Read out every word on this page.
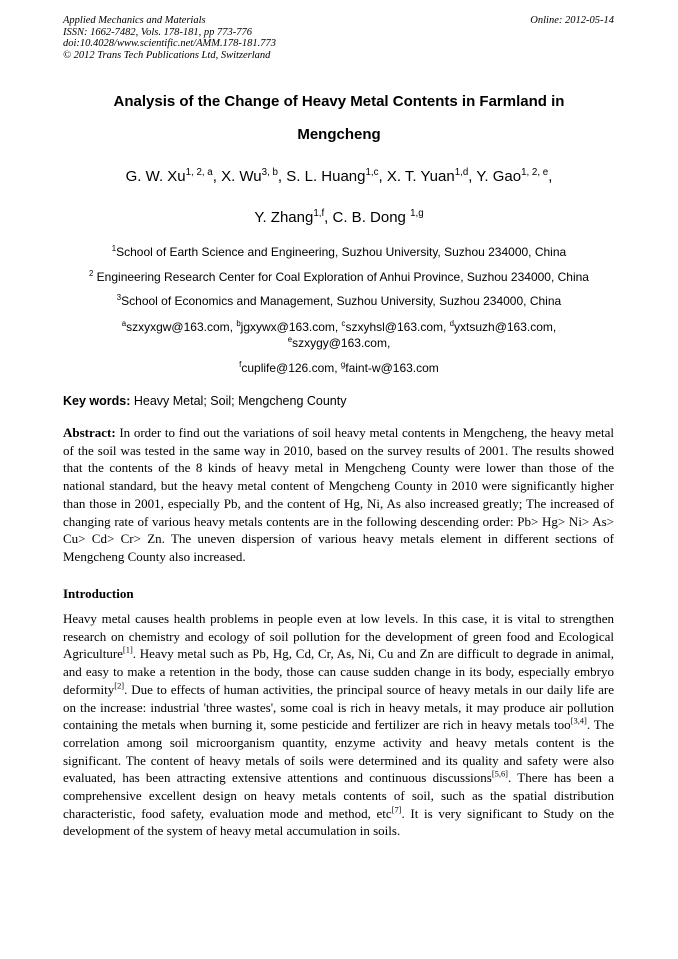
Applied Mechanics and Materials
ISSN: 1662-7482, Vols. 178-181, pp 773-776
doi:10.4028/www.scientific.net/AMM.178-181.773
© 2012 Trans Tech Publications Ltd, Switzerland
Online: 2012-05-14
Analysis of the Change of Heavy Metal Contents in Farmland in
Mengcheng
G. W. Xu$^{1, 2, a}$, X. Wu$^{3, b}$, S. L. Huang$^{1,c}$, X. T. Yuan$^{1,d}$, Y. Gao$^{1, 2, e}$,
Y. Zhang$^{1,f}$, C. B. Dong $^{1,g}$
$^1$School of Earth Science and Engineering, Suzhou University, Suzhou 234000, China
$^2$ Engineering Research Center for Coal Exploration of Anhui Province, Suzhou 234000, China
$^3$School of Economics and Management, Suzhou University, Suzhou 234000, China
$^a$szxyxgw@163.com, $^b$jgxywx@163.com, $^c$szxyhsl@163.com, $^d$yxtsuzh@163.com,
$^e$szxygy@163.com,
$^f$cuplife@126.com, $^g$faint-w@163.com
Key words: Heavy Metal; Soil; Mengcheng County

Abstract: In order to find out the variations of soil heavy metal contents in Mengcheng, the heavy metal of the soil was tested in the same way in 2010, based on the survey results of 2001. The results showed that the contents of the 8 kinds of heavy metal in Mengcheng County were lower than those of the national standard, but the heavy metal content of Mengcheng County in 2010 were significantly higher than those in 2001, especially Pb, and the content of Hg, Ni, As also increased greatly; The increased of changing rate of various heavy metals contents are in the following descending order: Pb> Hg> Ni> As> Cu> Cd> Cr> Zn. The uneven dispersion of various heavy metals element in different sections of Mengcheng County also increased.

Introduction

Heavy metal causes health problems in people even at low levels. In this case, it is vital to strengthen research on chemistry and ecology of soil pollution for the development of green food and Ecological Agriculture[1]. Heavy metal such as Pb, Hg, Cd, Cr, As, Ni, Cu and Zn are difficult to degrade in animal, and easy to make a retention in the body, those can cause sudden change in its body, especially embryo deformity[2]. Due to effects of human activities, the principal source of heavy metals in our daily life are on the increase: industrial 'three wastes', some coal is rich in heavy metals, it may produce air pollution containing the metals when burning it, some pesticide and fertilizer are rich in heavy metals too[3,4]. The correlation among soil microorganism quantity, enzyme activity and heavy metals content is the significant. The content of heavy metals of soils were determined and its quality and safety were also evaluated, has been attracting extensive attentions and continuous discussions[5,6]. There has been a comprehensive excellent design on heavy metals contents of soil, such as the spatial distribution characteristic, food safety, evaluation mode and method, etc[7]. It is very significant to Study on the development of the system of heavy metal accumulation in soils.
